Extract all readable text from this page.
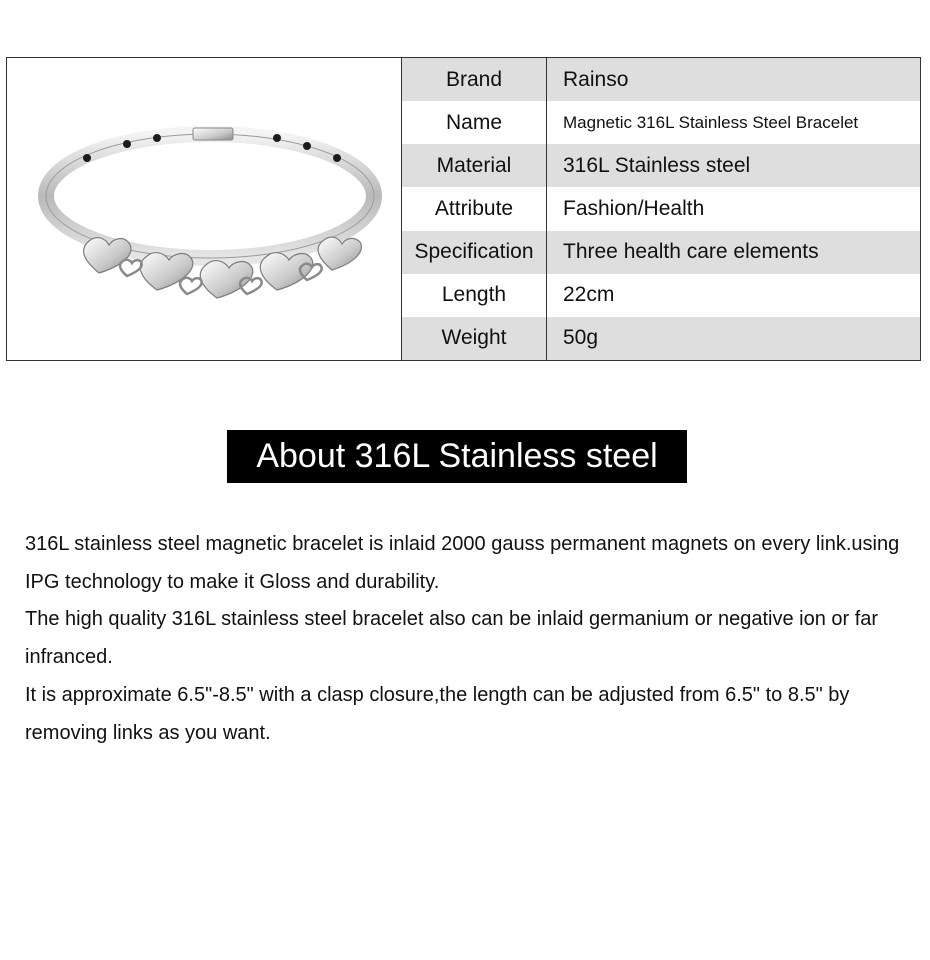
Brand	Rainso
Name	Magnetic 316L Stainless Steel Bracelet
Material	316L Stainless steel
Attribute	Fashion/Health
Specification	Three health care elements
Length	22cm
Weight	50g
About 316L Stainless steel

316L stainless steel magnetic bracelet is inlaid 2000 gauss permanent magnets on every link.using IPG technology to make it Gloss and durability.

The high quality 316L stainless steel bracelet also can be inlaid germanium or negative ion or far infranced.

It is approximate 6.5"-8.5" with a clasp closure,the length can be adjusted from 6.5" to 8.5" by removing links as you want.
